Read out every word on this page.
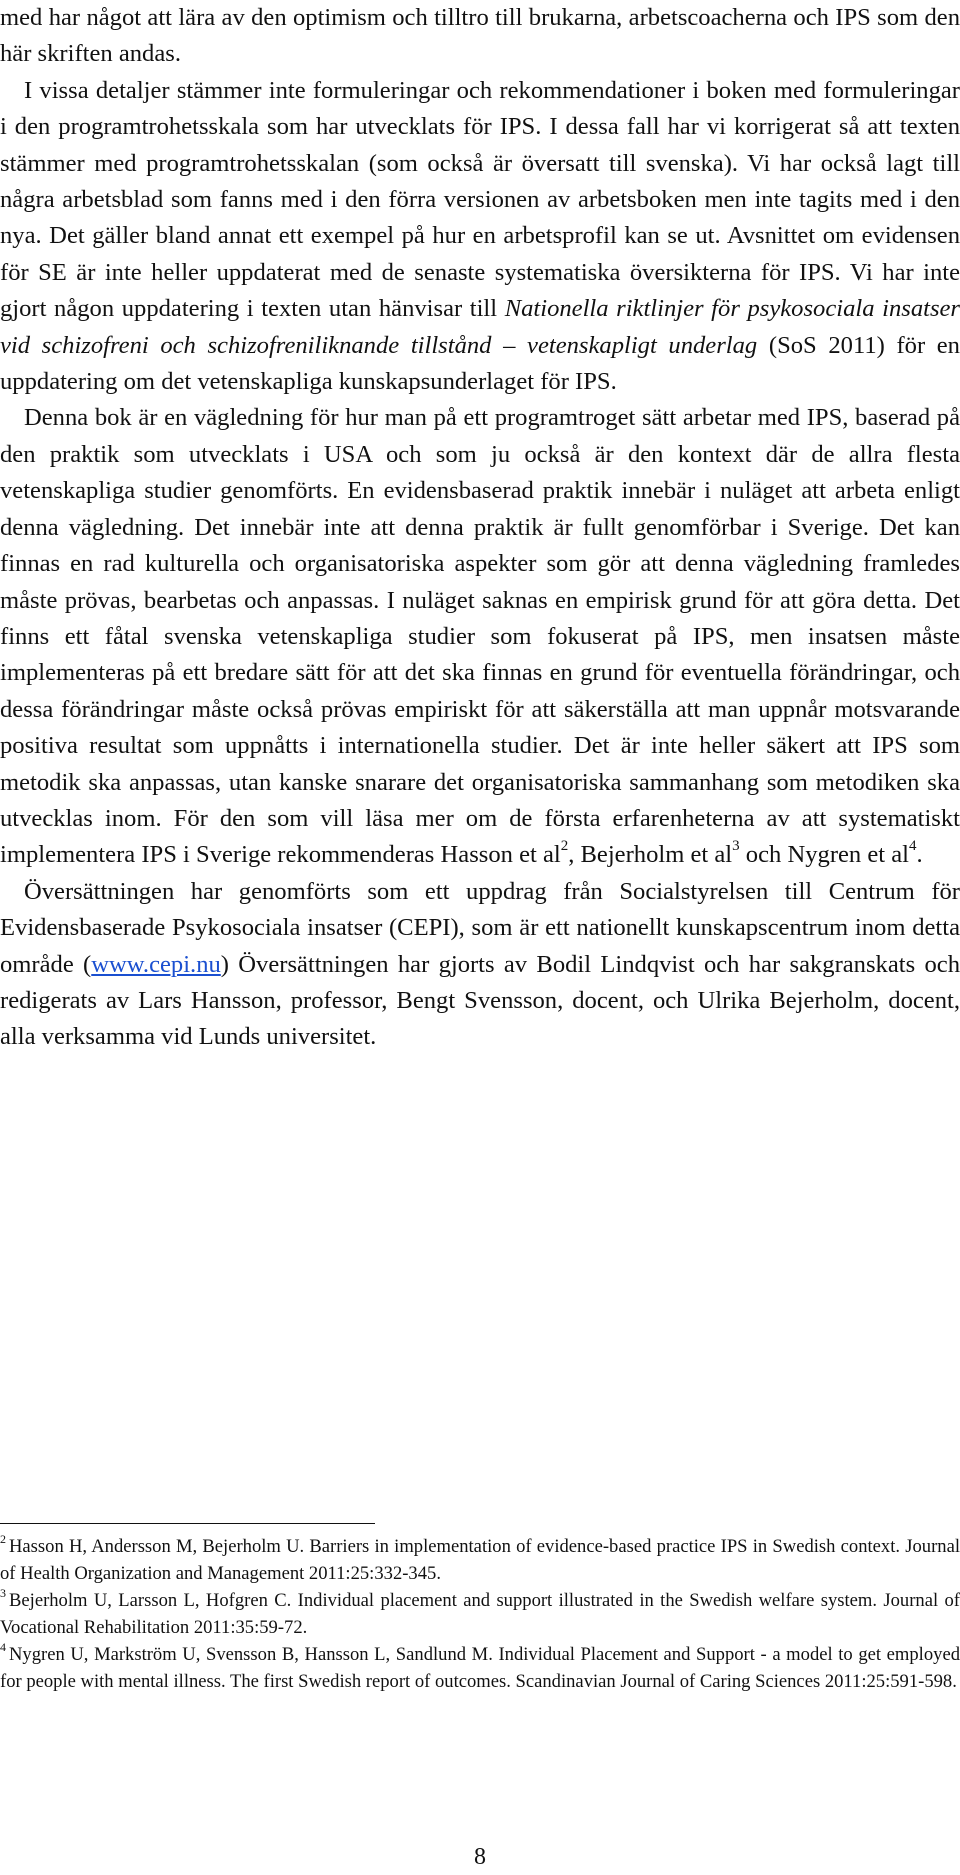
med har något att lära av den optimism och tilltro till brukarna, arbetscoacherna och IPS som den här skriften andas.

I vissa detaljer stämmer inte formuleringar och rekommendationer i boken med formuleringar i den programtrohetsskala som har utvecklats för IPS. I dessa fall har vi korrigerat så att texten stämmer med programtrohetsskalan (som också är översatt till svenska). Vi har också lagt till några arbetsblad som fanns med i den förra versionen av arbetsboken men inte tagits med i den nya. Det gäller bland annat ett exempel på hur en arbetsprofil kan se ut. Avsnittet om evidensen för SE är inte heller uppdaterat med de senaste systematiska översikterna för IPS. Vi har inte gjort någon uppdatering i texten utan hänvisar till Nationella riktlinjer för psykosociala insatser vid schizofreni och schizofreniliknande tillstånd – vetenskapligt underlag (SoS 2011) för en uppdatering om det vetenskapliga kunskapsunderlaget för IPS.

Denna bok är en vägledning för hur man på ett programtroget sätt arbetar med IPS, baserad på den praktik som utvecklats i USA och som ju också är den kontext där de allra flesta vetenskapliga studier genomförts. En evidensbaserad praktik innebär i nuläget att arbeta enligt denna vägledning. Det innebär inte att denna praktik är fullt genomförbar i Sverige. Det kan finnas en rad kulturella och organisatoriska aspekter som gör att denna vägledning framledes måste prövas, bearbetas och anpassas. I nuläget saknas en empirisk grund för att göra detta. Det finns ett fåtal svenska vetenskapliga studier som fokuserat på IPS, men insatsen måste implementeras på ett bredare sätt för att det ska finnas en grund för eventuella förändringar, och dessa förändringar måste också prövas empiriskt för att säkerställa att man uppnår motsvarande positiva resultat som uppnåtts i internationella studier. Det är inte heller säkert att IPS som metodik ska anpassas, utan kanske snarare det organisatoriska sammanhang som metodiken ska utvecklas inom. För den som vill läsa mer om de första erfarenheterna av att systematiskt implementera IPS i Sverige rekommenderas Hasson et al$^2$, Bejerholm et al$^3$ och Nygren et al$^4$.

Översättningen har genomförts som ett uppdrag från Socialstyrelsen till Centrum för Evidensbaserade Psykosociala insatser (CEPI), som är ett nationellt kunskapscentrum inom detta område (www.cepi.nu) Översättningen har gjorts av Bodil Lindqvist och har sakgranskats och redigerats av Lars Hansson, professor, Bengt Svensson, docent, och Ulrika Bejerholm, docent, alla verksamma vid Lunds universitet.

$^2$ Hasson H, Andersson M, Bejerholm U. Barriers in implementation of evidence-based practice IPS in Swedish context. Journal of Health Organization and Management 2011:25:332-345.

$^3$ Bejerholm U, Larsson L, Hofgren C. Individual placement and support illustrated in the Swedish welfare system. Journal of Vocational Rehabilitation 2011:35:59-72.

$^4$ Nygren U, Markström U, Svensson B, Hansson L, Sandlund M. Individual Placement and Support - a model to get employed for people with mental illness. The first Swedish report of outcomes. Scandinavian Journal of Caring Sciences 2011:25:591-598.

8
